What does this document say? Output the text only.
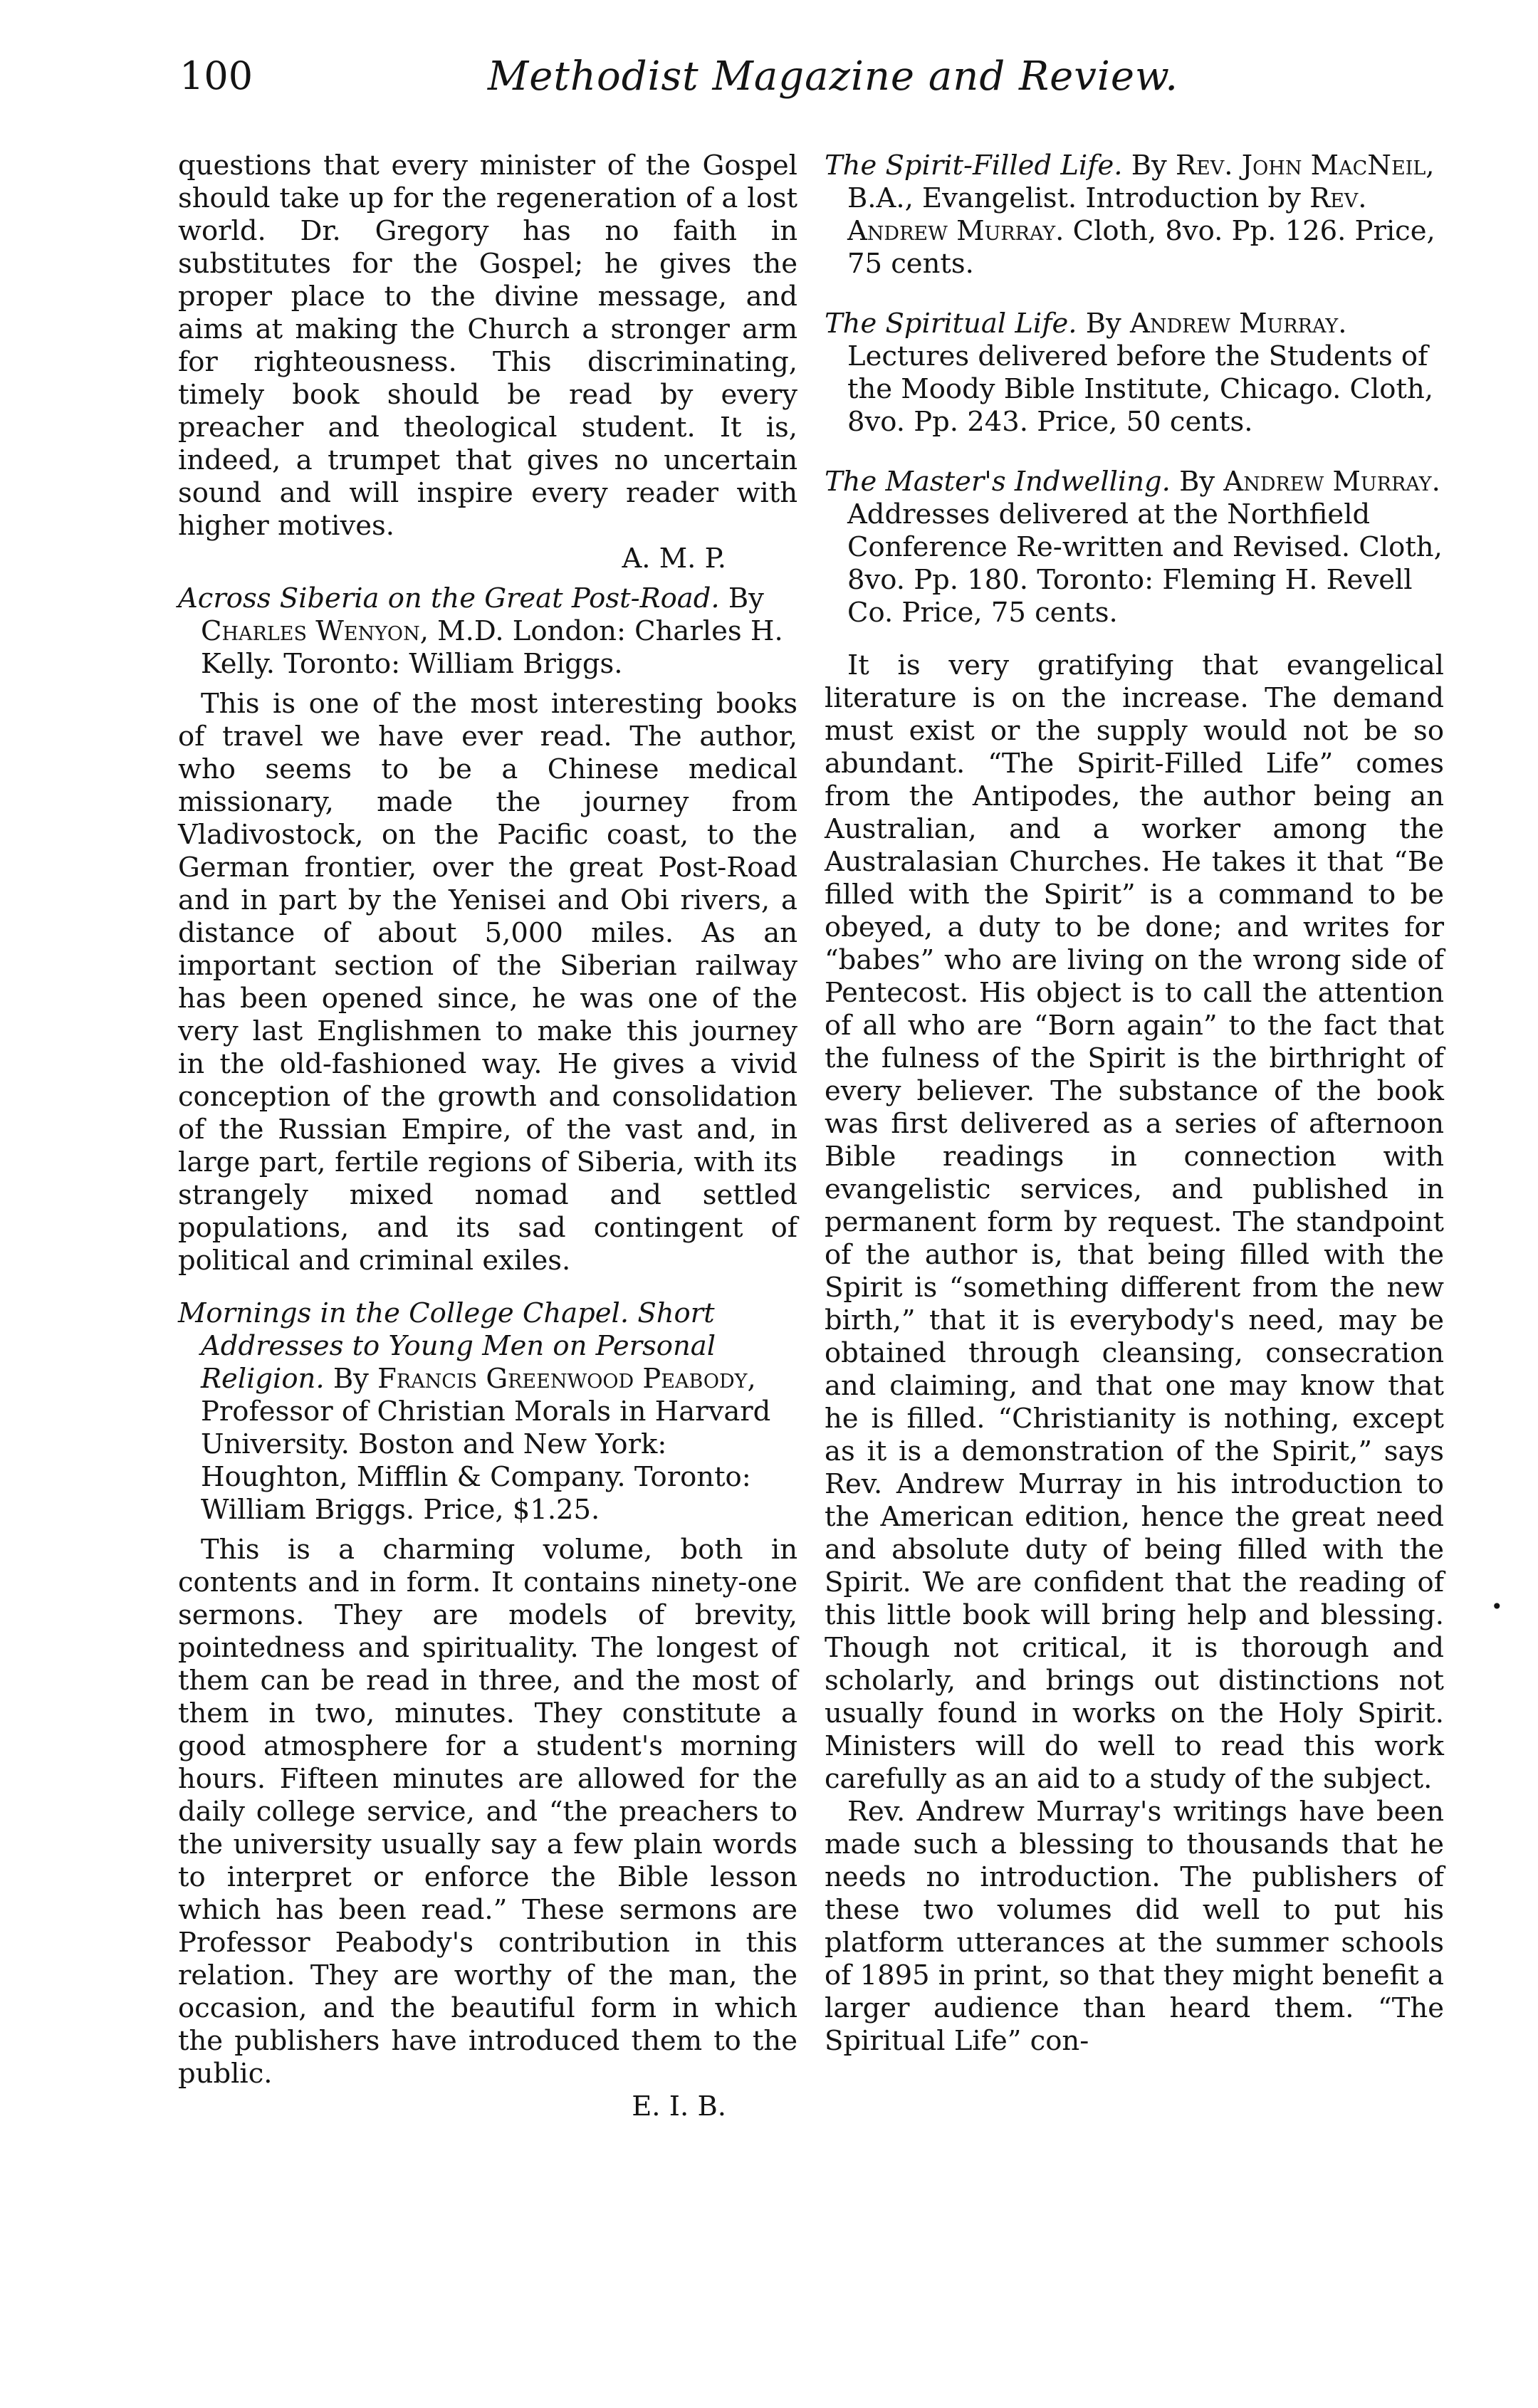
100	Methodist Magazine and Review.

questions that every minister of the Gospel should take up for the regeneration of a lost world. Dr. Gregory has no faith in substitutes for the Gospel; he gives the proper place to the divine message, and aims at making the Church a stronger arm for righteousness. This discriminating, timely book should be read by every preacher and theological student. It is, indeed, a trumpet that gives no uncertain sound and will inspire every reader with higher motives.

A. M. P.

Across Siberia on the Great Post-Road. By Charles Wenyon, M.D. London: Charles H. Kelly. Toronto: William Briggs.

This is one of the most interesting books of travel we have ever read. The author, who seems to be a Chinese medical missionary, made the journey from Vladivostock, on the Pacific coast, to the German frontier, over the great Post-Road and in part by the Yenisei and Obi rivers, a distance of about 5,000 miles. As an important section of the Siberian railway has been opened since, he was one of the very last Englishmen to make this journey in the old-fashioned way. He gives a vivid conception of the growth and consolidation of the Russian Empire, of the vast and, in large part, fertile regions of Siberia, with its strangely mixed nomad and settled populations, and its sad contingent of political and criminal exiles.

Mornings in the College Chapel. Short Addresses to Young Men on Personal Religion. By Francis Greenwood Peabody, Professor of Christian Morals in Harvard University. Boston and New York: Houghton, Mifflin & Company. Toronto: William Briggs. Price, $1.25.

This is a charming volume, both in contents and in form. It contains ninety-one sermons. They are models of brevity, pointedness and spirituality. The longest of them can be read in three, and the most of them in two, minutes. They constitute a good atmosphere for a student's morning hours. Fifteen minutes are allowed for the daily college service, and “the preachers to the university usually say a few plain words to interpret or enforce the Bible lesson which has been read.” These sermons are Professor Peabody's contribution in this relation. They are worthy of the man, the occasion, and the beautiful form in which the publishers have introduced them to the public.

E. I. B.

The Spirit-Filled Life. By Rev. John MacNeil, B.A., Evangelist. Introduction by Rev. Andrew Murray. Cloth, 8vo. Pp. 126. Price, 75 cents.

The Spiritual Life. By Andrew Murray. Lectures delivered before the Students of the Moody Bible Institute, Chicago. Cloth, 8vo. Pp. 243. Price, 50 cents.

The Master's Indwelling. By Andrew Murray. Addresses delivered at the Northfield Conference Re-written and Revised. Cloth, 8vo. Pp. 180. Toronto: Fleming H. Revell Co. Price, 75 cents.

It is very gratifying that evangelical literature is on the increase. The demand must exist or the supply would not be so abundant. “The Spirit-Filled Life” comes from the Antipodes, the author being an Australian, and a worker among the Australasian Churches. He takes it that “Be filled with the Spirit” is a command to be obeyed, a duty to be done; and writes for “babes” who are living on the wrong side of Pentecost. His object is to call the attention of all who are “Born again” to the fact that the fulness of the Spirit is the birthright of every believer. The substance of the book was first delivered as a series of afternoon Bible readings in connection with evangelistic services, and published in permanent form by request. The standpoint of the author is, that being filled with the Spirit is “something different from the new birth,” that it is everybody's need, may be obtained through cleansing, consecration and claiming, and that one may know that he is filled. “Christianity is nothing, except as it is a demonstration of the Spirit,” says Rev. Andrew Murray in his introduction to the American edition, hence the great need and absolute duty of being filled with the Spirit. We are confident that the reading of this little book will bring help and blessing. Though not critical, it is thorough and scholarly, and brings out distinctions not usually found in works on the Holy Spirit. Ministers will do well to read this work carefully as an aid to a study of the subject.

Rev. Andrew Murray's writings have been made such a blessing to thousands that he needs no introduction. The publishers of these two volumes did well to put his platform utterances at the summer schools of 1895 in print, so that they might benefit a larger audience than heard them. “The Spiritual Life” con-

•
